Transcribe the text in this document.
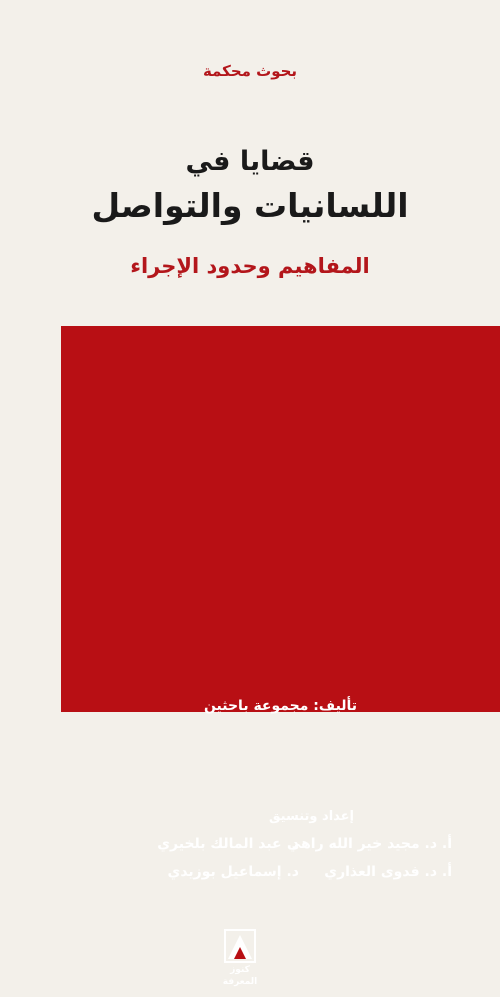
بحوث محكمة
قضايا في
اللسانيات والتواصل
المفاهيم وحدود الإجراء
تأليف: مجموعة باحثين
إعداد وتنسيق
أ. د. مجيد خير الله راهي
د. عبد المالك بلخيري
أ. د. فدوى العذاري
د. إسماعيل بوزيدي
كنوز
المعرفة
